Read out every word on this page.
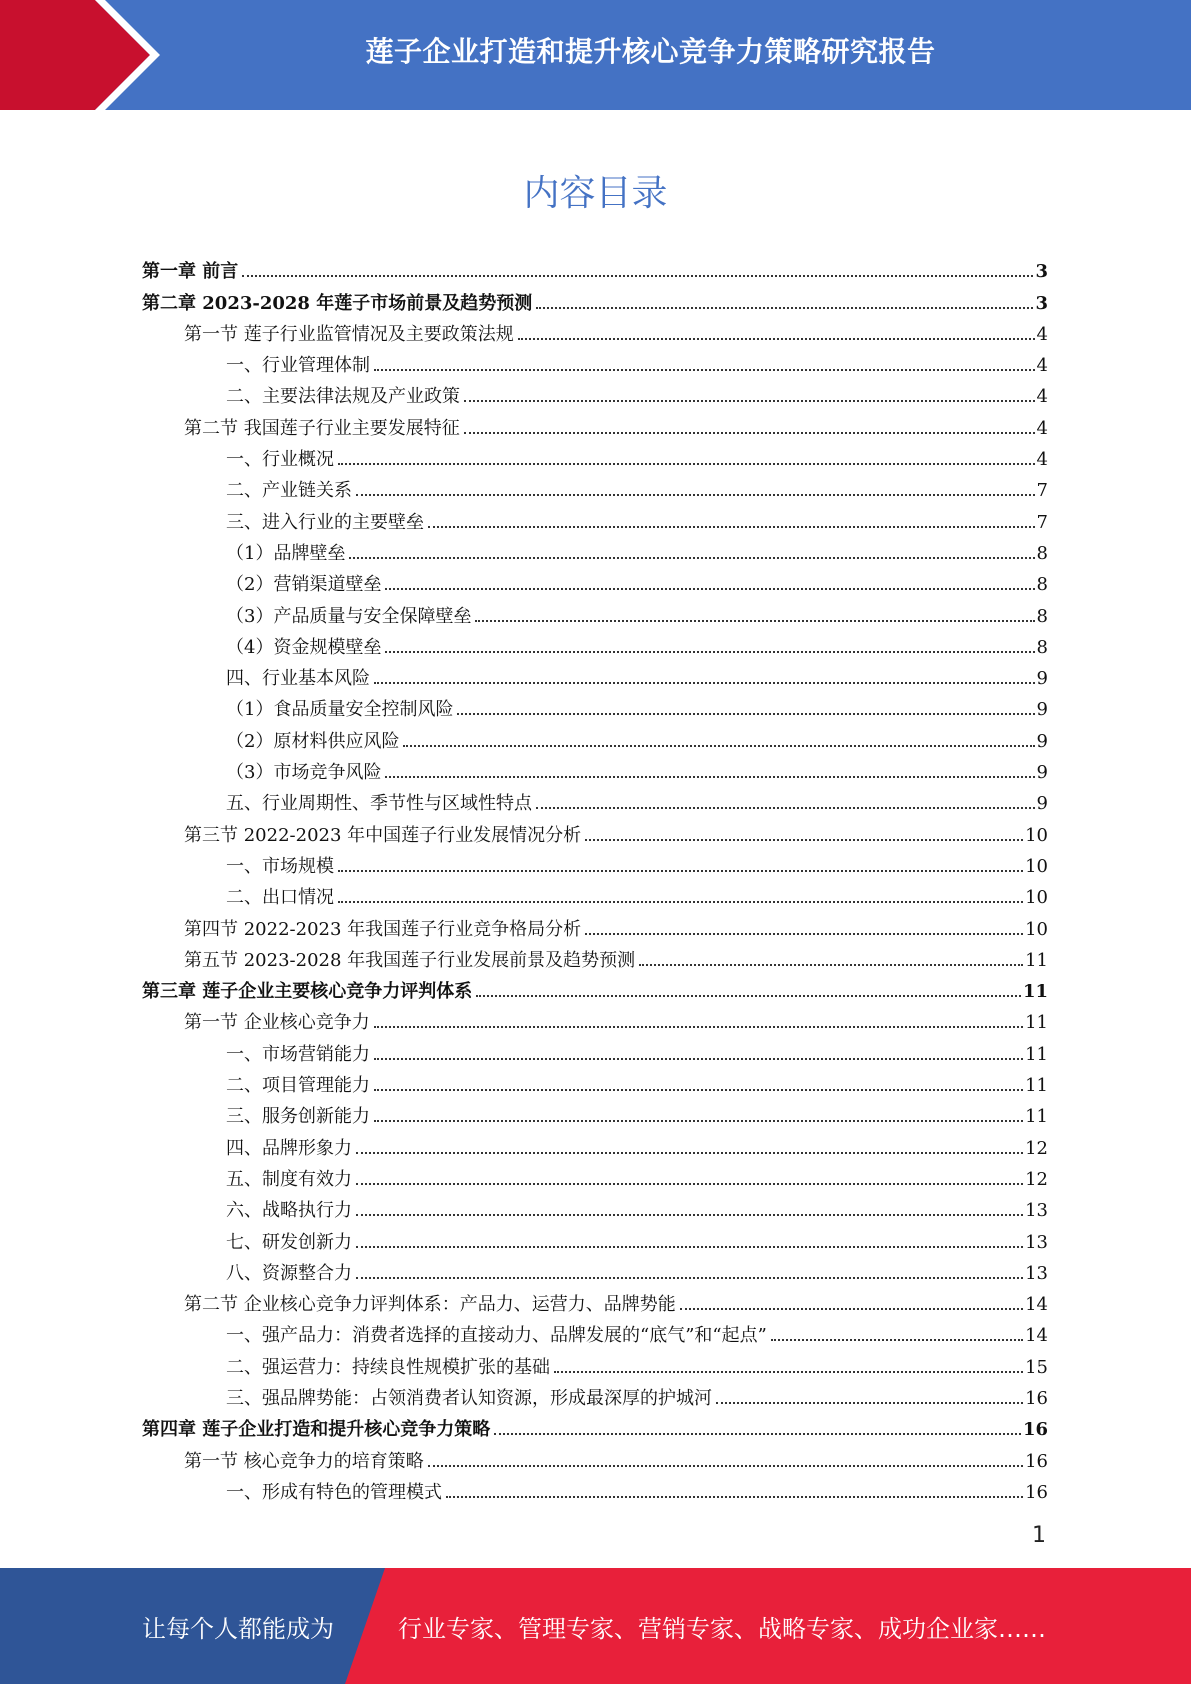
莲子企业打造和提升核心竞争力策略研究报告
内容目录
第一章 前言	3
第二章 2023-2028 年莲子市场前景及趋势预测	3
第一节 莲子行业监管情况及主要政策法规	4
一、行业管理体制	4
二、主要法律法规及产业政策	4
第二节 我国莲子行业主要发展特征	4
一、行业概况	4
二、产业链关系	7
三、进入行业的主要壁垒	7
（1）品牌壁垒	8
（2）营销渠道壁垒	8
（3）产品质量与安全保障壁垒	8
（4）资金规模壁垒	8
四、行业基本风险	9
（1）食品质量安全控制风险	9
（2）原材料供应风险	9
（3）市场竞争风险	9
五、行业周期性、季节性与区域性特点	9
第三节 2022-2023 年中国莲子行业发展情况分析	10
一、市场规模	10
二、出口情况	10
第四节 2022-2023 年我国莲子行业竞争格局分析	10
第五节 2023-2028 年我国莲子行业发展前景及趋势预测	11
第三章 莲子企业主要核心竞争力评判体系	11
第一节 企业核心竞争力	11
一、市场营销能力	11
二、项目管理能力	11
三、服务创新能力	11
四、品牌形象力	12
五、制度有效力	12
六、战略执行力	13
七、研发创新力	13
八、资源整合力	13
第二节 企业核心竞争力评判体系：产品力、运营力、品牌势能	14
一、强产品力：消费者选择的直接动力、品牌发展的“底气”和“起点”	14
二、强运营力：持续良性规模扩张的基础	15
三、强品牌势能：占领消费者认知资源，形成最深厚的护城河	16
第四章 莲子企业打造和提升核心竞争力策略	16
第一节 核心竞争力的培育策略	16
一、形成有特色的管理模式	16
1
让每个人都能成为	行业专家、管理专家、营销专家、战略专家、成功企业家……
